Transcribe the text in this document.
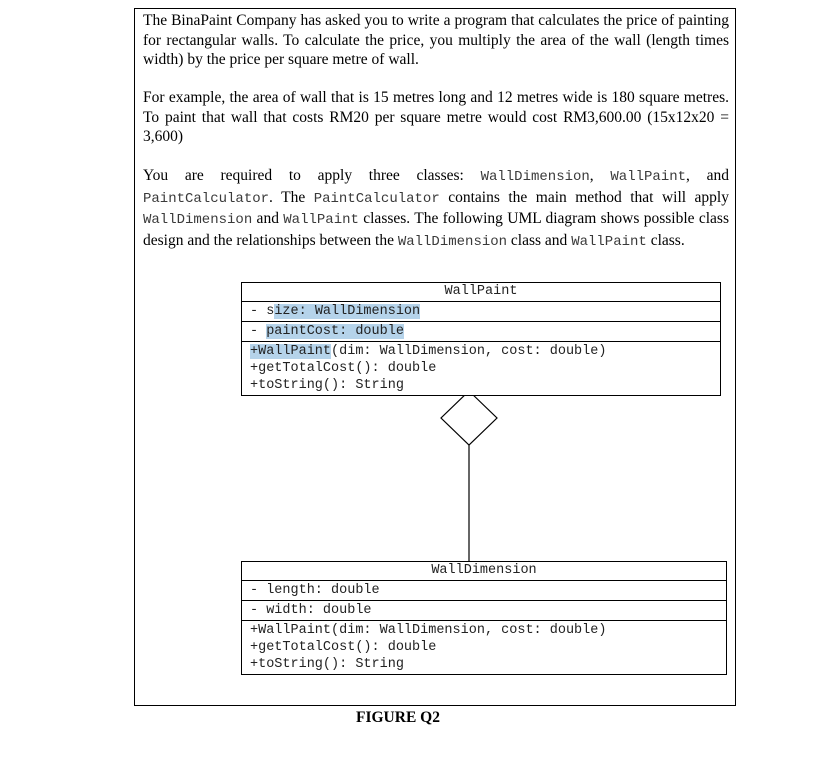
The BinaPaint Company has asked you to write a program that calculates the price of painting for rectangular walls. To calculate the price, you multiply the area of the wall (length times width) by the price per square metre of wall.

For example, the area of wall that is 15 metres long and 12 metres wide is 180 square metres. To paint that wall that costs RM20 per square metre would cost RM3,600.00 (15x12x20 = 3,600)

You are required to apply three classes: WallDimension, WallPaint, and PaintCalculator. The PaintCalculator contains the main method that will apply WallDimension and WallPaint classes. The following UML diagram shows possible class design and the relationships between the WallDimension class and WallPaint class.

WallPaint
- size: WallDimension
- paintCost: double
+WallPaint(dim: WallDimension, cost: double)
+getTotalCost(): double
+toString(): String
WallDimension
- length: double
- width: double
+WallPaint(dim: WallDimension, cost: double)
+getTotalCost(): double
+toString(): String
FIGURE Q2
